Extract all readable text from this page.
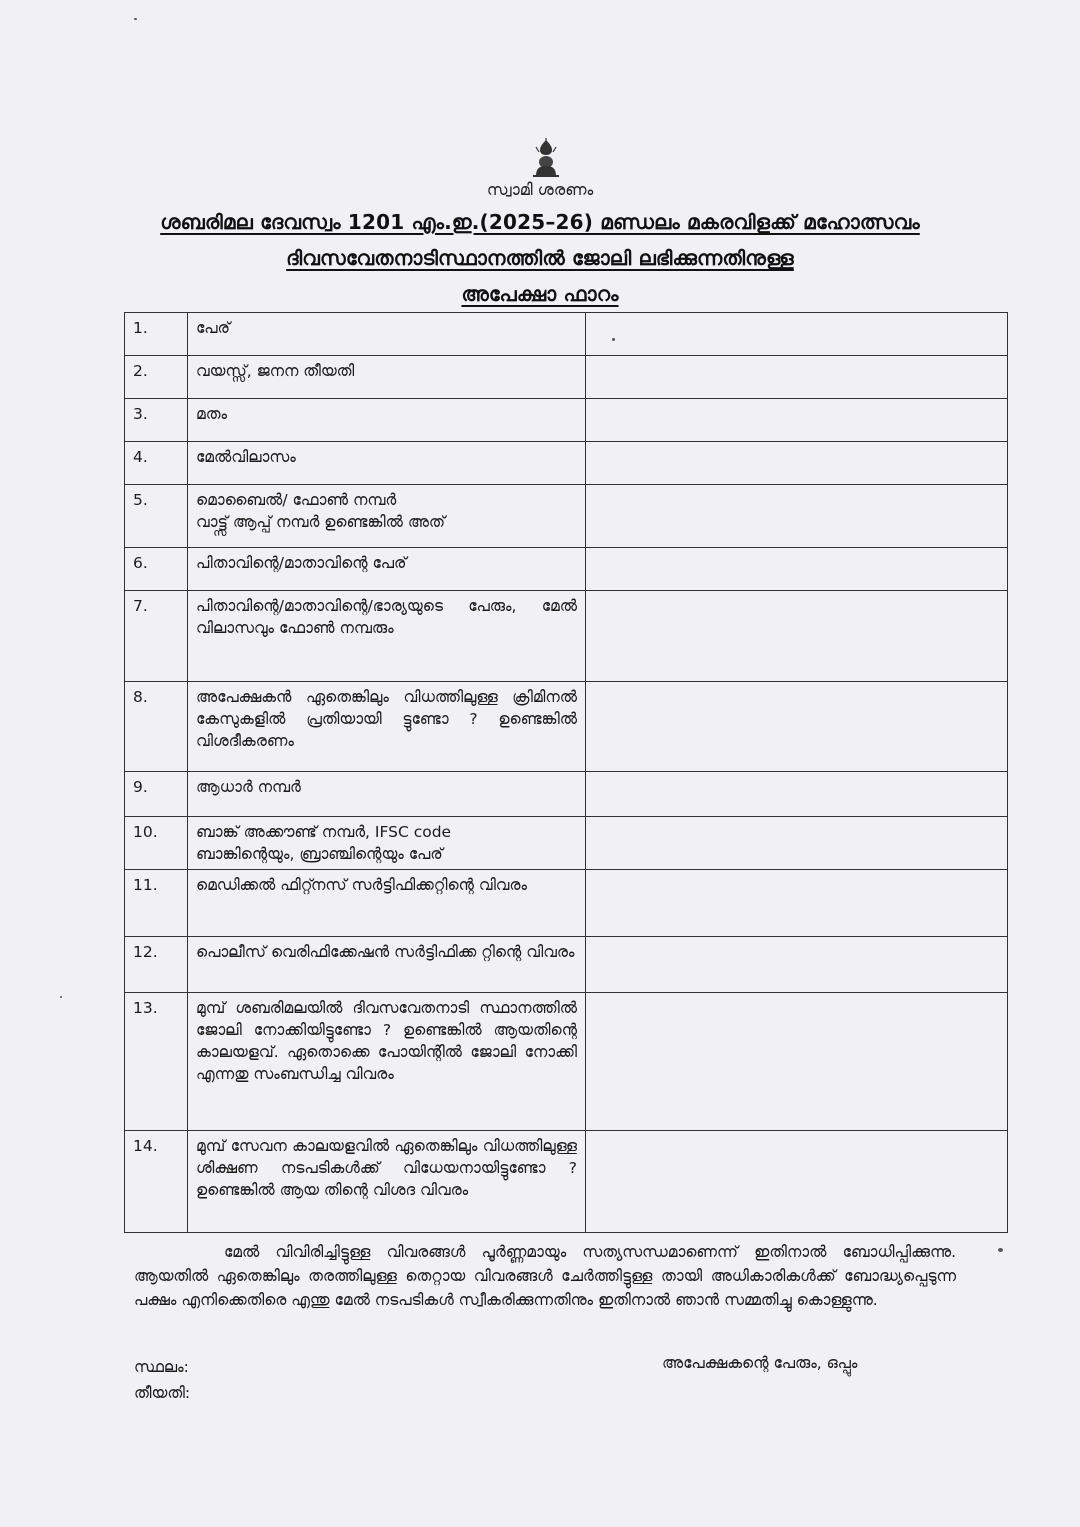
സ്വാമി ശരണം
ശബരിമല ദേവസ്വം 1201 എം.ഇ.(2025–26) മണ്ഡലം മകരവിളക്ക് മഹോത്സവം
ദിവസവേതനാടിസ്ഥാനത്തിൽ ജോലി ലഭിക്കുന്നതിനുള്ള
അപേക്ഷാ ഫാറം
1.	പേര്	
2.	വയസ്സ്, ജനന തീയതി	
3.	മതം	
4.	മേൽവിലാസം	
5.	മൊബൈൽ/ ഫോൺ നമ്പർ
വാട്ട്സ് ആപ്പ് നമ്പർ ഉണ്ടെങ്കിൽ അത്	
6.	പിതാവിന്റെ/മാതാവിന്റെ പേര്	
7.	പിതാവിന്റെ/മാതാവിന്റെ/ഭാര്യയുടെ പേരും, മേൽ വിലാസവും ഫോൺ നമ്പരും	
8.	അപേക്ഷകൻ ഏതെങ്കിലും വിധത്തിലുള്ള ക്രിമിനൽ കേസുകളിൽ പ്രതിയായി ട്ടുണ്ടോ ? ഉണ്ടെങ്കിൽ വിശദീകരണം	
9.	ആധാർ നമ്പർ	
10.	ബാങ്ക് അക്കൗണ്ട് നമ്പർ, IFSC code
ബാങ്കിന്റെയും, ബ്രാഞ്ചിന്റെയും പേര്	
11.	മെഡിക്കൽ ഫിറ്റ്നസ് സർട്ടിഫിക്കറ്റിന്റെ വിവരം	
12.	പൊലീസ് വെരിഫിക്കേഷൻ സർട്ടിഫിക്ക റ്റിന്റെ വിവരം	
13.	മുമ്പ് ശബരിമലയിൽ ദിവസവേതനാടി സ്ഥാനത്തിൽ ജോലി നോക്കിയിട്ടുണ്ടോ ? ഉണ്ടെങ്കിൽ ആയതിന്റെ കാലയളവ്. ഏതൊക്കെ പോയിന്റിൽ ജോലി നോക്കി എന്നതു സംബന്ധിച്ച വിവരം	
14.	മുമ്പ് സേവന കാലയളവിൽ ഏതെങ്കിലും വിധത്തിലുള്ള ശിക്ഷണ നടപടികൾക്ക് വിധേയനായിട്ടുണ്ടോ ? ഉണ്ടെങ്കിൽ ആയ തിന്റെ വിശദ വിവരം	
മേൽ വിവിരിച്ചിട്ടുള്ള വിവരങ്ങൾ പൂർണ്ണമായും സത്യസന്ധമാണെന്ന് ഇതിനാൽ ബോധിപ്പിക്കുന്നു. ആയതിൽ ഏതെങ്കിലും തരത്തിലുള്ള തെറ്റായ വിവരങ്ങൾ ചേർത്തിട്ടുള്ള തായി അധികാരികൾക്ക് ബോദ്ധ്യപ്പെടുന്ന പക്ഷം എനിക്കെതിരെ എന്തു മേൽ നടപടികൾ സ്വീകരിക്കുന്നതിനും ഇതിനാൽ ഞാൻ സമ്മതിച്ചു കൊള്ളുന്നു.
സ്ഥലം:
തീയതി:
അപേക്ഷകന്റെ പേരും, ഒപ്പും
